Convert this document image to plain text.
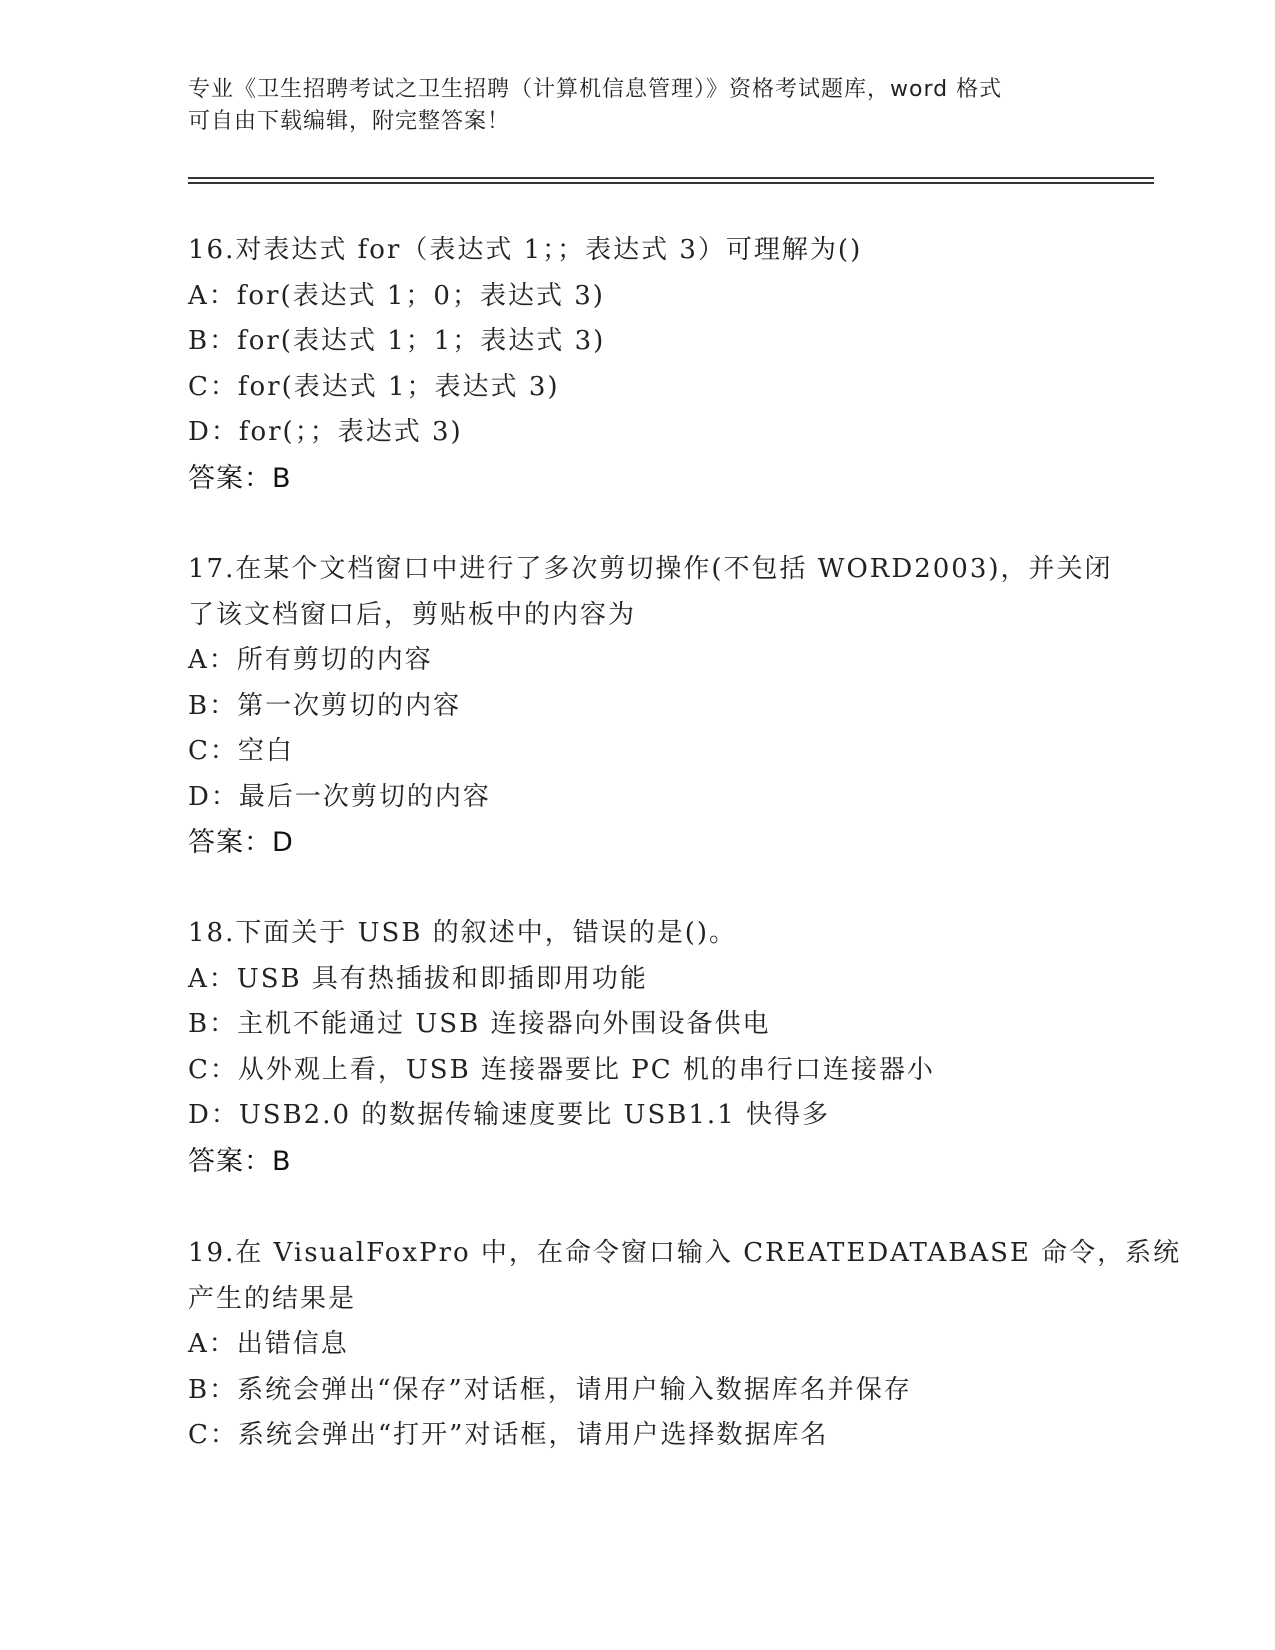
专业《卫生招聘考试之卫生招聘（计算机信息管理）》资格考试题库，word 格式
可自由下载编辑，附完整答案！
16.对表达式 for（表达式 1；；表达式 3）可理解为()
A：for(表达式 1；0；表达式 3)
B：for(表达式 1；1；表达式 3)
C：for(表达式 1；表达式 3)
D：for(；；表达式 3)
答案：B
17.在某个文档窗口中进行了多次剪切操作(不包括 WORD2003)，并关闭
了该文档窗口后，剪贴板中的内容为
A：所有剪切的内容
B：第一次剪切的内容
C：空白
D：最后一次剪切的内容
答案：D
18.下面关于 USB 的叙述中，错误的是()。
A：USB 具有热插拔和即插即用功能
B：主机不能通过 USB 连接器向外围设备供电
C：从外观上看，USB 连接器要比 PC 机的串行口连接器小
D：USB2.0 的数据传输速度要比 USB1.1 快得多
答案：B
19.在 VisualFoxPro 中，在命令窗口输入 CREATEDATABASE 命令，系统
产生的结果是
A：出错信息
B：系统会弹出“保存”对话框，请用户输入数据库名并保存
C：系统会弹出“打开”对话框，请用户选择数据库名
